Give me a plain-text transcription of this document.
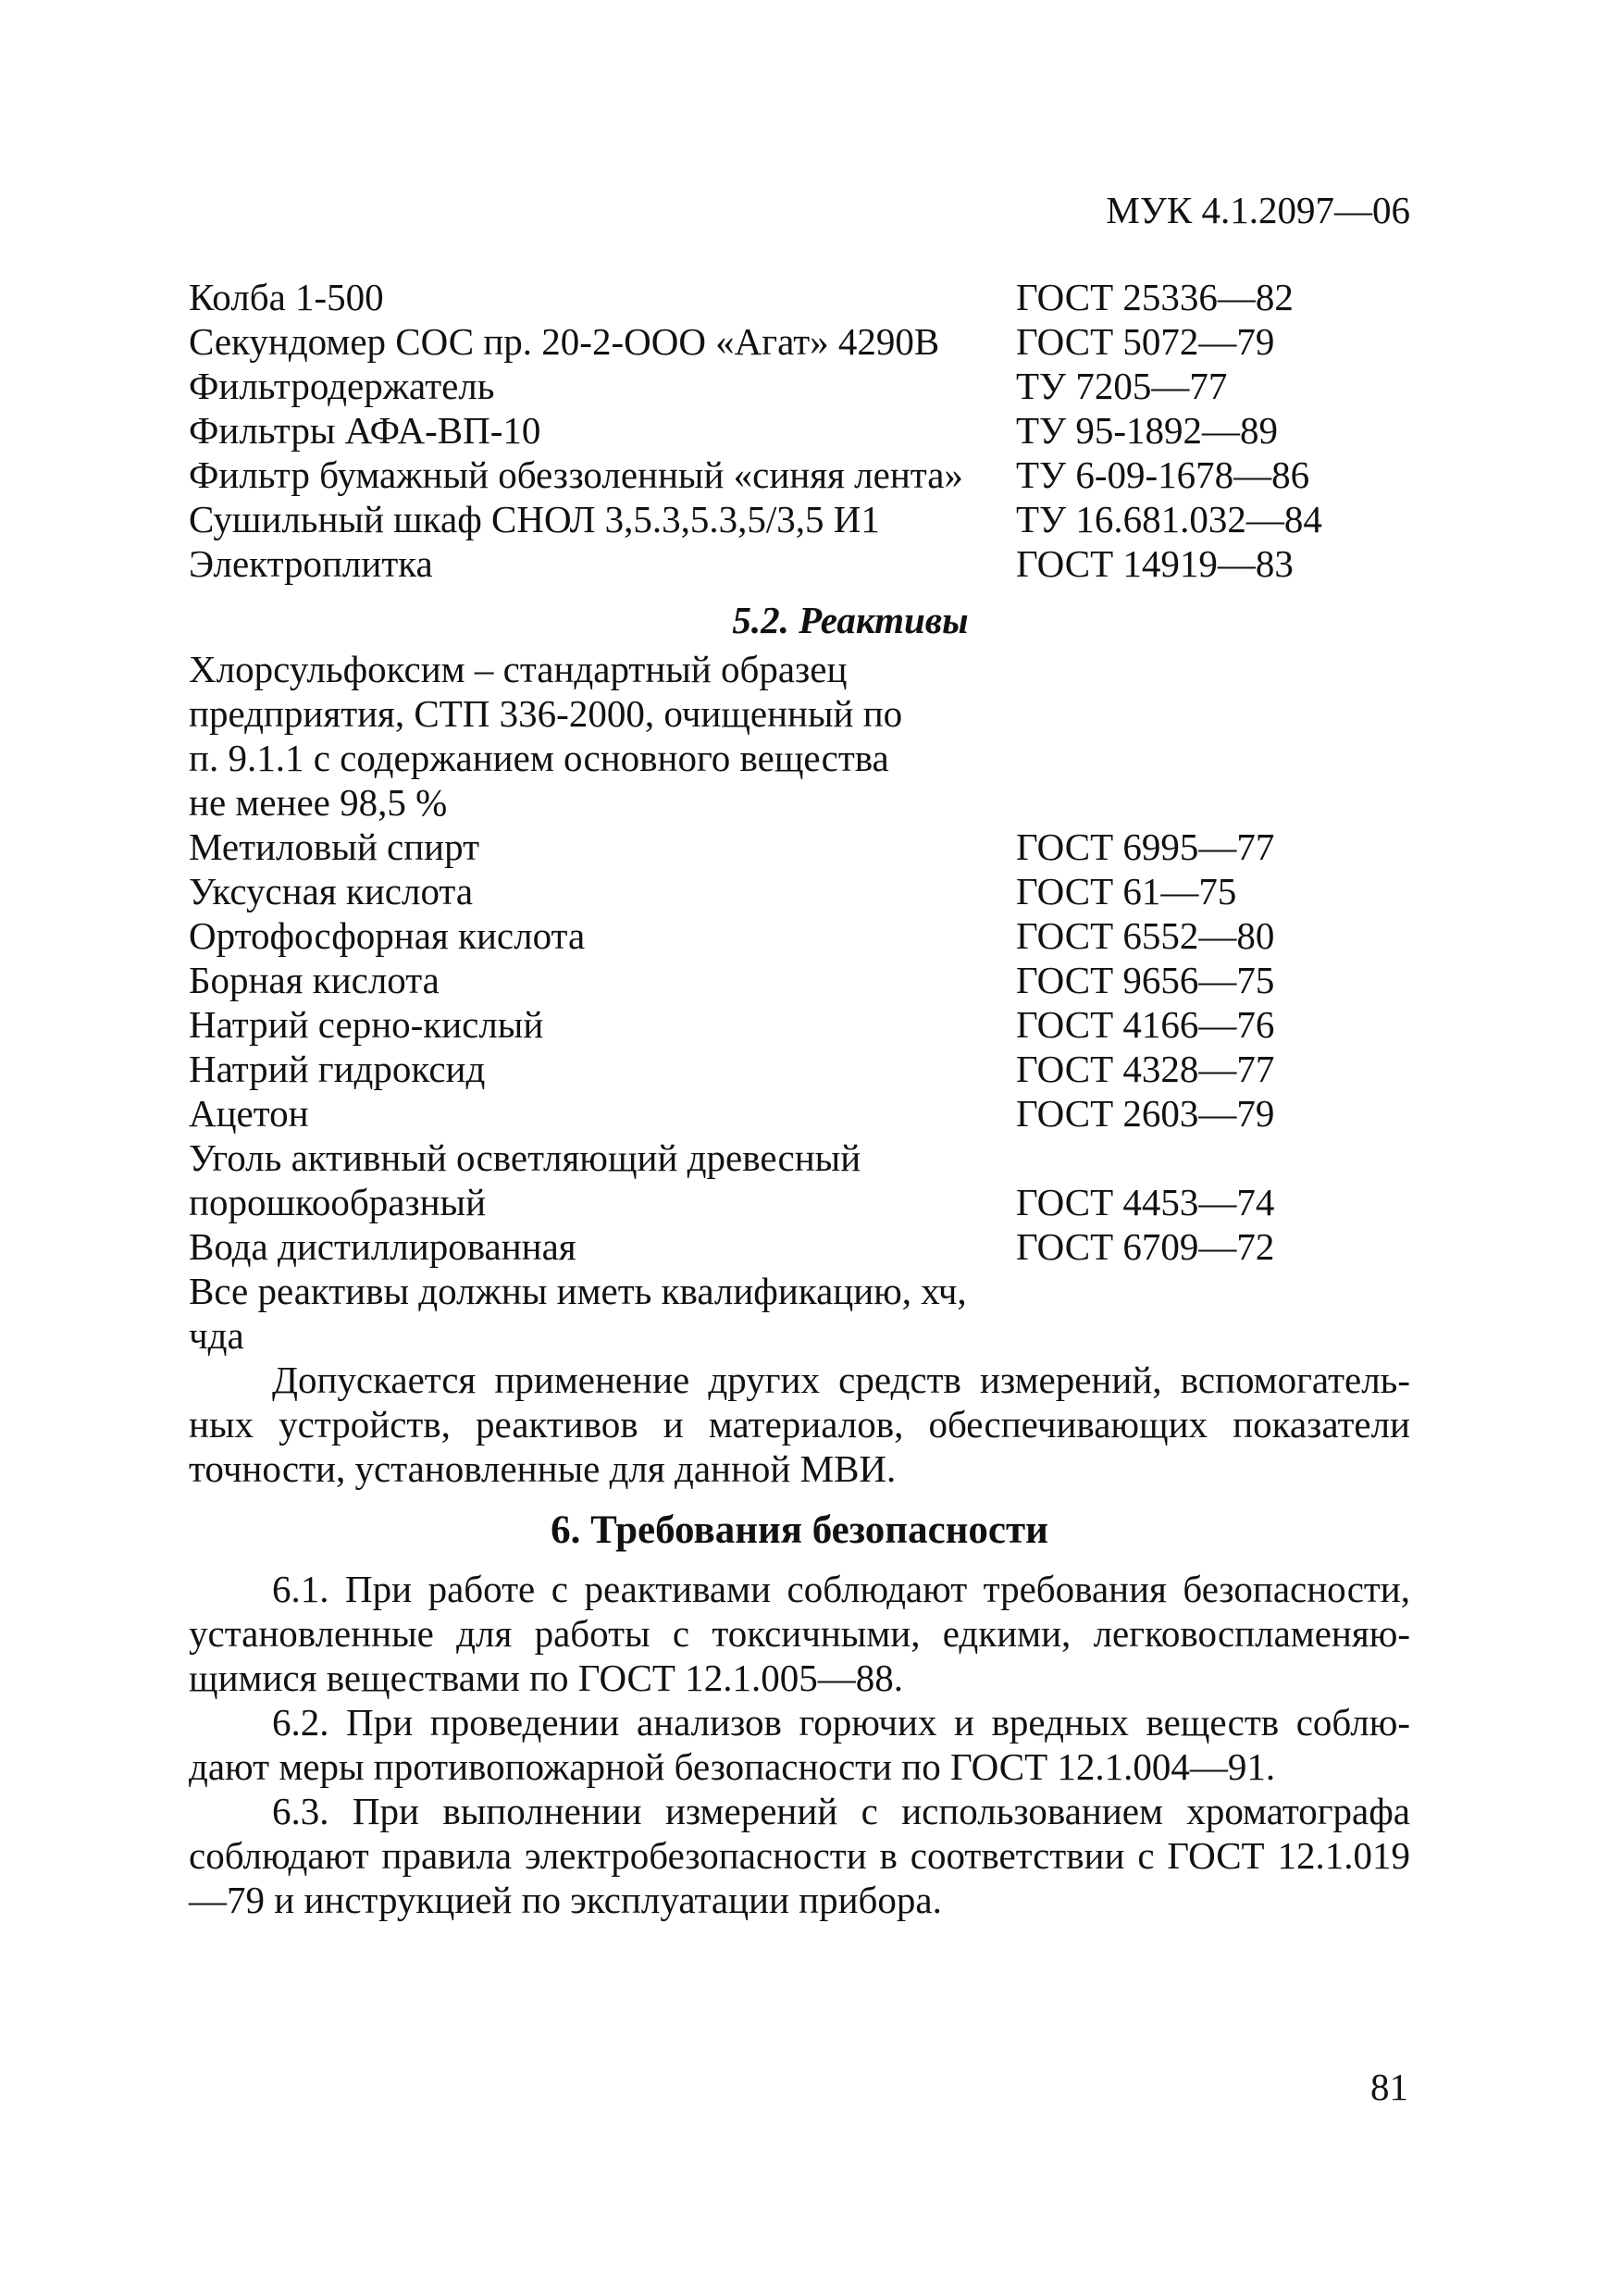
МУК 4.1.2097—06
Колба 1-500	ГОСТ 25336—82
Секундомер СОС пр. 20-2-ООО «Агат» 4290В	ГОСТ 5072—79
Фильтродержатель	ТУ 7205—77
Фильтры АФА-ВП-10	ТУ 95-1892—89
Фильтр бумажный обеззоленный «синяя лента»	ТУ 6-09-1678—86
Сушильный шкаф СНОЛ 3,5.3,5.3,5/3,5 И1	ТУ 16.681.032—84
Электроплитка	ГОСТ 14919—83
5.2. Реактивы
Хлорсульфоксим – стандартный образец
предприятия, СТП 336-2000, очищенный по
п. 9.1.1 с содержанием основного вещества
не менее 98,5 %
Метиловый спирт	ГОСТ 6995—77
Уксусная кислота	ГОСТ 61—75
Ортофосфорная кислота	ГОСТ 6552—80
Борная кислота	ГОСТ 9656—75
Натрий серно-кислый	ГОСТ 4166—76
Натрий гидроксид	ГОСТ 4328—77
Ацетон	ГОСТ 2603—79
Уголь активный осветляющий древесный
порошкообразный	ГОСТ 4453—74
Вода дистиллированная	ГОСТ 6709—72
Все реактивы должны иметь квалификацию, хч,
чда

Допускается применение других средств измерений, вспомогатель-ных устройств, реактивов и материалов, обеспечивающих показатели точности, установленные для данной МВИ.

6. Требования безопасности

6.1. При работе с реактивами соблюдают требования безопасности, установленные для работы с токсичными, едкими, легковоспламеняю-щимися веществами по ГОСТ 12.1.005—88.

6.2. При проведении анализов горючих и вредных веществ соблю-дают меры противопожарной безопасности по ГОСТ 12.1.004—91.

6.3. При выполнении измерений с использованием хроматографа соблюдают правила электробезопасности в соответствии с ГОСТ 12.1.019—79 и инструкцией по эксплуатации прибора.

81
